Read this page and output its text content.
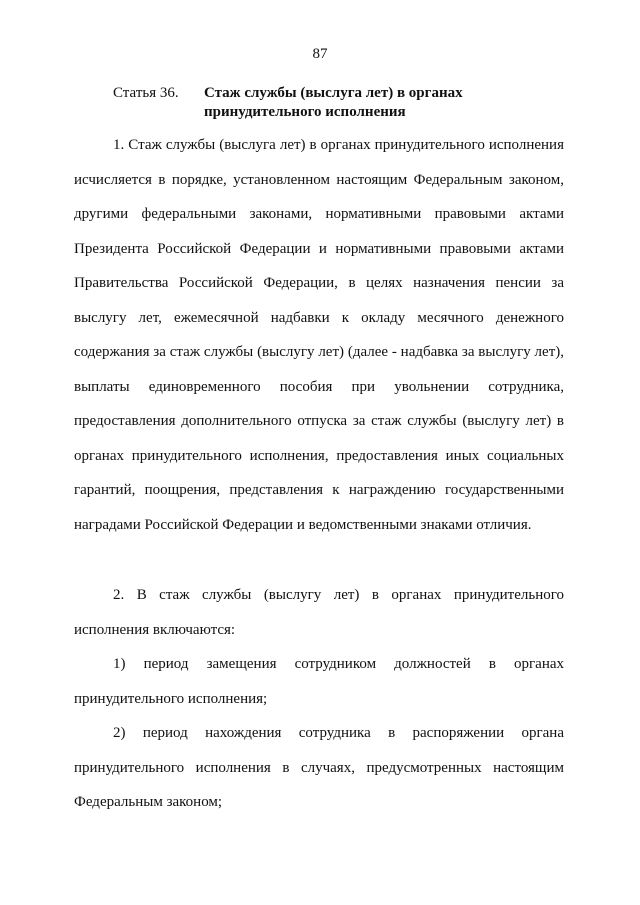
87
Статья 36. Стаж службы (выслуга лет) в органах принудительного исполнения

1. Стаж службы (выслуга лет) в органах принудительного исполнения исчисляется в порядке, установленном настоящим Федеральным законом, другими федеральными законами, нормативными правовыми актами Президента Российской Федерации и нормативными правовыми актами Правительства Российской Федерации, в целях назначения пенсии за выслугу лет, ежемесячной надбавки к окладу месячного денежного содержания за стаж службы (выслугу лет) (далее - надбавка за выслугу лет), выплаты единовременного пособия при увольнении сотрудника, предоставления дополнительного отпуска за стаж службы (выслугу лет) в органах принудительного исполнения, предоставления иных социальных гарантий, поощрения, представления к награждению государственными наградами Российской Федерации и ведомственными знаками отличия.

2. В стаж службы (выслугу лет) в органах принудительного исполнения включаются:

1) период замещения сотрудником должностей в органах принудительного исполнения;

2) период нахождения сотрудника в распоряжении органа принудительного исполнения в случаях, предусмотренных настоящим Федеральным законом;
